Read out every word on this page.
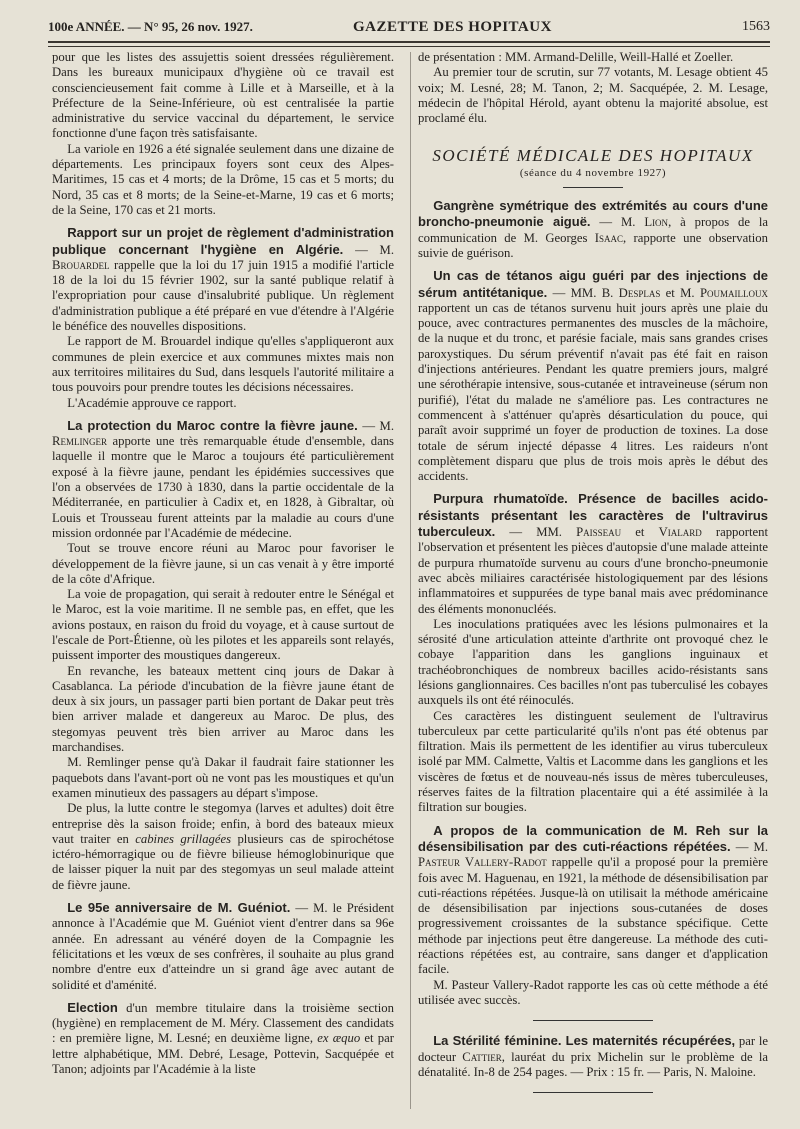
100e ANNÉE. — N° 95, 26 nov. 1927.	GAZETTE DES HOPITAUX	1563

pour que les listes des assujettis soient dressées régulièrement. Dans les bureaux municipaux d'hygiène où ce travail est consciencieusement fait comme à Lille et à Marseille, et à la Préfecture de la Seine-Inférieure, où est centralisée la partie administrative du service vaccinal du département, le service fonctionne d'une façon très satisfaisante.

La variole en 1926 a été signalée seulement dans une dizaine de départements. Les principaux foyers sont ceux des Alpes-Maritimes, 15 cas et 4 morts; de la Drôme, 15 cas et 5 morts; du Nord, 35 cas et 8 morts; de la Seine-et-Marne, 19 cas et 6 morts; de la Seine, 170 cas et 21 morts.

Rapport sur un projet de règlement d'administration publique concernant l'hygiène en Algérie. — M. Brouardel rappelle que la loi du 17 juin 1915 a modifié l'article 18 de la loi du 15 février 1902, sur la santé publique relatif à l'expropriation pour cause d'insalubrité publique. Un règlement d'administration publique a été préparé en vue d'étendre à l'Algérie le bénéfice des nouvelles dispositions.

Le rapport de M. Brouardel indique qu'elles s'appliqueront aux communes de plein exercice et aux communes mixtes mais non aux territoires militaires du Sud, dans lesquels l'autorité militaire a tous pouvoirs pour prendre toutes les décisions nécessaires.

L'Académie approuve ce rapport.

La protection du Maroc contre la fièvre jaune. — M. Remlinger apporte une très remarquable étude d'ensemble, dans laquelle il montre que le Maroc a toujours été particulièrement exposé à la fièvre jaune, pendant les épidémies successives que l'on a observées de 1730 à 1830, dans la partie occidentale de la Méditerranée, en particulier à Cadix et, en 1828, à Gibraltar, où Louis et Trousseau furent atteints par la maladie au cours d'une mission ordonnée par l'Académie de médecine.

Tout se trouve encore réuni au Maroc pour favoriser le développement de la fièvre jaune, si un cas venait à y être importé de la côte d'Afrique.

La voie de propagation, qui serait à redouter entre le Sénégal et le Maroc, est la voie maritime. Il ne semble pas, en effet, que les avions postaux, en raison du froid du voyage, et à cause surtout de l'escale de Port-Étienne, où les pilotes et les appareils sont relayés, puissent importer des moustiques dangereux.

En revanche, les bateaux mettent cinq jours de Dakar à Casablanca. La période d'incubation de la fièvre jaune étant de deux à six jours, un passager parti bien portant de Dakar peut très bien arriver malade et dangereux au Maroc. De plus, des stegomyas peuvent très bien arriver au Maroc dans les marchandises.

M. Remlinger pense qu'à Dakar il faudrait faire stationner les paquebots dans l'avant-port où ne vont pas les moustiques et qu'un examen minutieux des passagers au départ s'impose.

De plus, la lutte contre le stegomya (larves et adultes) doit être entreprise dès la saison froide; enfin, à bord des bateaux mieux vaut traiter en cabines grillagées plusieurs cas de spirochétose ictéro-hémorragique ou de fièvre bilieuse hémoglobinurique que de laisser piquer la nuit par des stegomyas un seul malade atteint de fièvre jaune.

Le 95e anniversaire de M. Guéniot. — M. le Président annonce à l'Académie que M. Guéniot vient d'entrer dans sa 96e année. En adressant au vénéré doyen de la Compagnie les félicitations et les vœux de ses confrères, il souhaite au plus grand nombre d'entre eux d'atteindre un si grand âge avec autant de solidité et d'aménité.

Election d'un membre titulaire dans la troisième section (hygiène) en remplacement de M. Méry. Classement des candidats : en première ligne, M. Lesné; en deuxième ligne, ex æquo et par lettre alphabétique, MM. Debré, Lesage, Pottevin, Sacquépée et Tanon; adjoints par l'Académie à la liste

de présentation : MM. Armand-Delille, Weill-Hallé et Zoeller.

Au premier tour de scrutin, sur 77 votants, M. Lesage obtient 45 voix; M. Lesné, 28; M. Tanon, 2; M. Sacquépée, 2. M. Lesage, médecin de l'hôpital Hérold, ayant obtenu la majorité absolue, est proclamé élu.

SOCIÉTÉ MÉDICALE DES HOPITAUX

(séance du 4 novembre 1927)

Gangrène symétrique des extrémités au cours d'une broncho-pneumonie aiguë. — M. Lion, à propos de la communication de M. Georges Isaac, rapporte une observation suivie de guérison.

Un cas de tétanos aigu guéri par des injections de sérum antitétanique. — MM. B. Desplas et M. Poumailloux rapportent un cas de tétanos survenu huit jours après une plaie du pouce, avec contractures permanentes des muscles de la mâchoire, de la nuque et du tronc, et parésie faciale, mais sans grandes crises paroxystiques. Du sérum préventif n'avait pas été fait en raison d'injections antérieures. Pendant les quatre premiers jours, malgré une sérothérapie intensive, sous-cutanée et intraveineuse (sérum non purifié), l'état du malade ne s'améliore pas. Les contractures ne commencent à s'atténuer qu'après désarticulation du pouce, qui paraît avoir supprimé un foyer de production de toxines. La dose totale de sérum injecté dépasse 4 litres. Les raideurs n'ont complètement disparu que plus de trois mois après le début des accidents.

Purpura rhumatoïde. Présence de bacilles acido-résistants présentant les caractères de l'ultravirus tuberculeux. — MM. Paisseau et Vialard rapportent l'observation et présentent les pièces d'autopsie d'une malade atteinte de purpura rhumatoïde survenu au cours d'une broncho-pneumonie avec abcès miliaires caractérisée histologiquement par des lésions inflammatoires et suppurées de type banal mais avec prédominance des éléments mononucléés.

Les inoculations pratiquées avec les lésions pulmonaires et la sérosité d'une articulation atteinte d'arthrite ont provoqué chez le cobaye l'apparition dans les ganglions inguinaux et trachéobronchiques de nombreux bacilles acido-résistants sans lésions ganglionnaires. Ces bacilles n'ont pas tuberculisé les cobayes auxquels ils ont été réinoculés.

Ces caractères les distinguent seulement de l'ultravirus tuberculeux par cette particularité qu'ils n'ont pas été obtenus par filtration. Mais ils permettent de les identifier au virus tuberculeux isolé par MM. Calmette, Valtis et Lacomme dans les ganglions et les viscères de fœtus et de nouveau-nés issus de mères tuberculeuses, réserves faites de la filtration placentaire qui a été assimilée à la filtration sur bougies.

A propos de la communication de M. Reh sur la désensibilisation par des cuti-réactions répétées. — M. Pasteur Vallery-Radot rappelle qu'il a proposé pour la première fois avec M. Haguenau, en 1921, la méthode de désensibilisation par cuti-réactions répétées. Jusque-là on utilisait la méthode américaine de désensibilisation par injections sous-cutanées de doses progressivement croissantes de la substance spécifique. Cette méthode par injections peut être dangereuse. La méthode des cuti-réactions répétées est, au contraire, sans danger et d'application facile.

M. Pasteur Vallery-Radot rapporte les cas où cette méthode a été utilisée avec succès.

La Stérilité féminine. Les maternités récupérées, par le docteur Cattier, lauréat du prix Michelin sur le problème de la dénatalité. In-8 de 254 pages. — Prix : 15 fr. — Paris, N. Maloine.
